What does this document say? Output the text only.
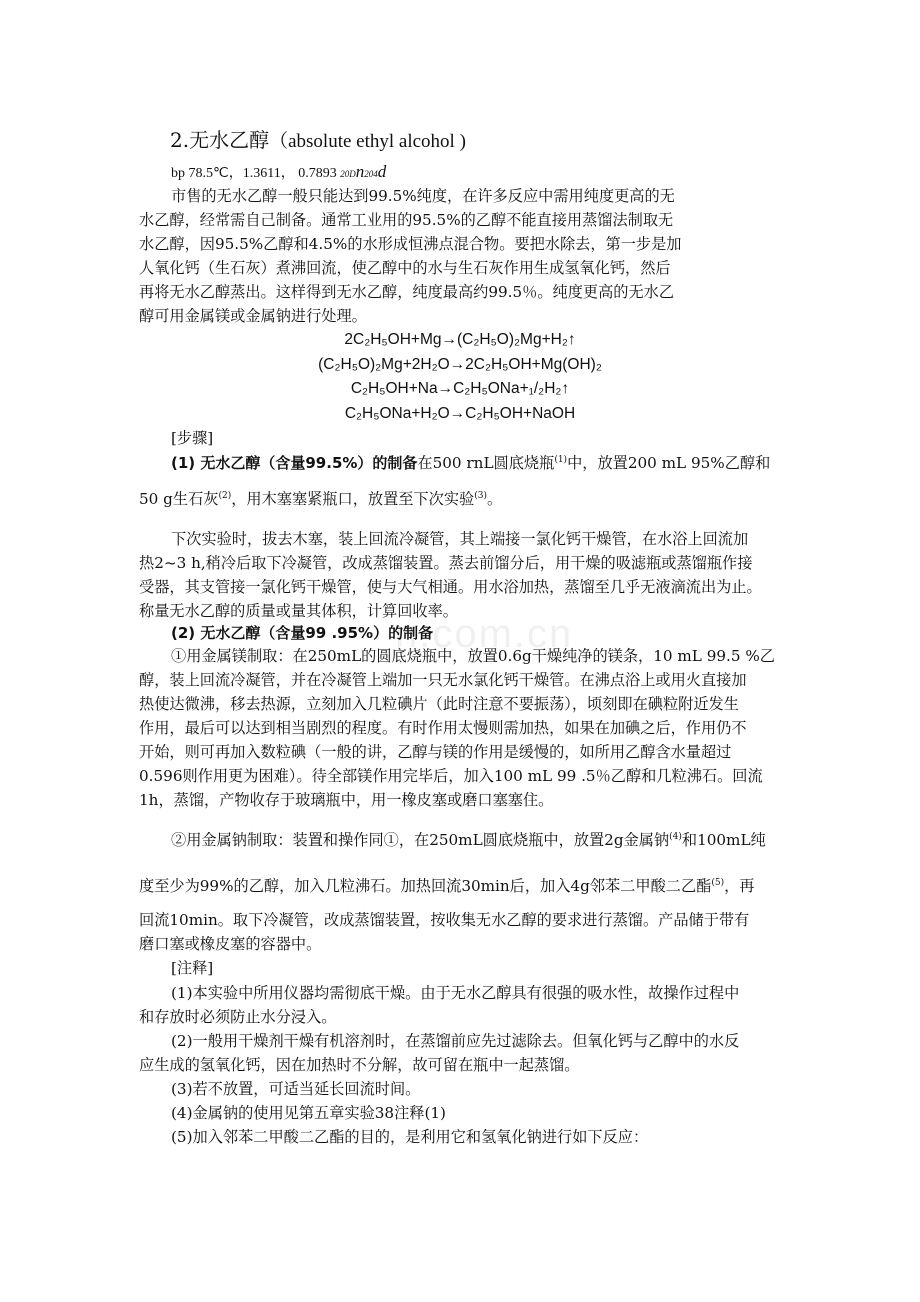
n.com.cn
2.无水乙醇（absolute ethyl alcohol )
bp 78.5℃，1.3611， 0.7893 20Dn204d
市售的无水乙醇一般只能达到99.5%纯度，在许多反应中需用纯度更高的无
水乙醇，经常需自己制备。通常工业用的95.5%的乙醇不能直接用蒸馏法制取无
水乙醇，因95.5%乙醇和4.5%的水形成恒沸点混合物。要把水除去，第一步是加
人氧化钙（生石灰）煮沸回流，使乙醇中的水与生石灰作用生成氢氧化钙，然后
再将无水乙醇蒸出。这样得到无水乙醇，纯度最高约99.5％。纯度更高的无水乙
醇可用金属镁或金属钠进行处理。
2C₂H₅OH+Mg→(C₂H₅O)₂Mg+H₂↑
(C₂H₅O)₂Mg+2H₂O→2C₂H₅OH+Mg(OH)₂
C₂H₅OH+Na→C₂H₅ONa+₁/₂H₂↑
C₂H₅ONa+H₂O→C₂H₅OH+NaOH
[步骤]
(1) 无水乙醇（含量99.5%）的制备在500 rnL圆底烧瓶$^{(1)}$中，放置200 mL 95%乙醇和
50 g生石灰$^{(2)}$，用木塞塞紧瓶口，放置至下次实验$^{(3)}$。
下次实验时，拔去木塞，装上回流冷凝管，其上端接一氯化钙干燥管，在水浴上回流加
热2~3 h,稍冷后取下冷凝管，改成蒸馏装置。蒸去前馏分后，用干燥的吸滤瓶或蒸馏瓶作接
受器，其支管接一氯化钙干燥管，使与大气相通。用水浴加热，蒸馏至几乎无液滴流出为止。
称量无水乙醇的质量或量其体积，计算回收率。
(2) 无水乙醇（含量99 .95%）的制备
①用金属镁制取：在250mL的圆底烧瓶中，放置0.6g干燥纯净的镁条，10 mL 99.5 %乙
醇，装上回流冷凝管，并在冷凝管上端加一只无水氯化钙干燥管。在沸点浴上或用火直接加
热使达微沸，移去热源，立刻加入几粒碘片（此时注意不要振荡），顷刻即在碘粒附近发生
作用，最后可以达到相当剧烈的程度。有时作用太慢则需加热，如果在加碘之后，作用仍不
开始，则可再加入数粒碘（一般的讲，乙醇与镁的作用是缓慢的，如所用乙醇含水量超过
0.596则作用更为困难）。待全部镁作用完毕后，加入100 mL 99 .5％乙醇和几粒沸石。回流
1h，蒸馏，产物收存于玻璃瓶中，用一橡皮塞或磨口塞塞住。
②用金属钠制取：装置和操作同①，在250mL圆底烧瓶中，放置2g金属钠$^{(4)}$和100mL纯
度至少为99%的乙醇，加入几粒沸石。加热回流30min后，加入4g邻苯二甲酸二乙酯$^{(5)}$，再
回流10min。取下冷凝管，改成蒸馏装置，按收集无水乙醇的要求进行蒸馏。产品储于带有
磨口塞或橡皮塞的容器中。
[注释]
(1)本实验中所用仪器均需彻底干燥。由于无水乙醇具有很强的吸水性，故操作过程中
和存放时必须防止水分浸入。
(2)一般用干燥剂干燥有机溶剂时，在蒸馏前应先过滤除去。但氧化钙与乙醇中的水反
应生成的氢氧化钙，因在加热时不分解，故可留在瓶中一起蒸馏。
(3)若不放置，可适当延长回流时间。
(4)金属钠的使用见第五章实验38注释(1)
(5)加入邻苯二甲酸二乙酯的目的，是利用它和氢氧化钠进行如下反应：
